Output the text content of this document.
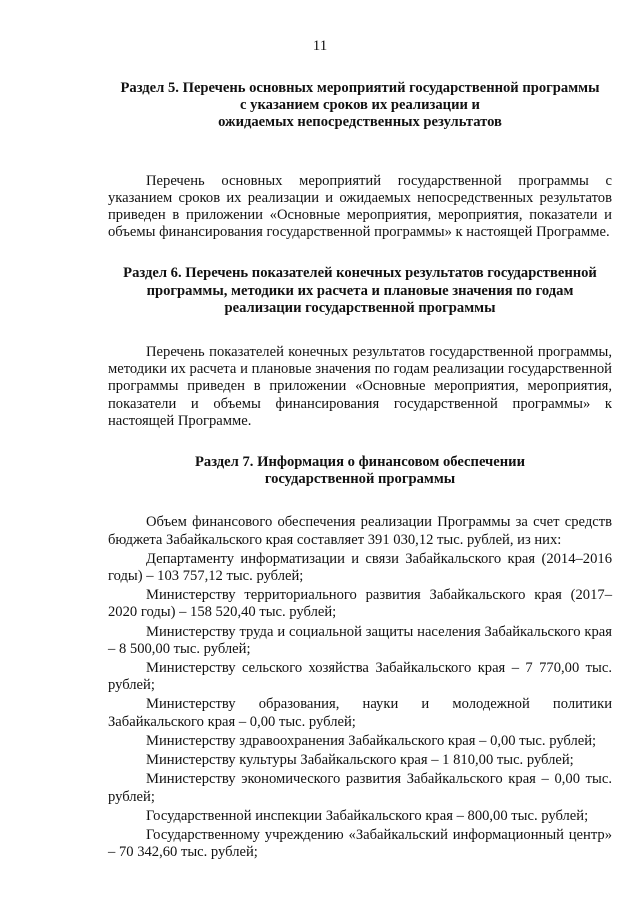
11
Раздел 5. Перечень основных мероприятий государственной программы
с указанием сроков их реализации и
ожидаемых непосредственных результатов

Перечень основных мероприятий государственной программы с указанием сроков их реализации и ожидаемых непосредственных результатов приведен в приложении «Основные мероприятия, мероприятия, показатели и объемы финансирования государственной программы» к настоящей Программе.

Раздел 6. Перечень показателей конечных результатов государственной
программы, методики их расчета и плановые значения по годам
реализации государственной программы

Перечень показателей конечных результатов государственной программы, методики их расчета и плановые значения по годам реализации государственной программы приведен в приложении «Основные мероприятия, мероприятия, показатели и объемы финансирования государственной программы» к настоящей Программе.

Раздел 7. Информация о финансовом обеспечении
государственной программы

Объем финансового обеспечения реализации Программы за счет средств бюджета Забайкальского края составляет 391 030,12 тыс. рублей, из них:

Департаменту информатизации и связи Забайкальского края (2014–2016 годы) – 103 757,12 тыс. рублей;

Министерству территориального развития Забайкальского края (2017–2020 годы) – 158 520,40 тыс. рублей;

Министерству труда и социальной защиты населения Забайкальского края – 8 500,00 тыс. рублей;

Министерству сельского хозяйства Забайкальского края – 7 770,00 тыс. рублей;

Министерству образования, науки и молодежной политики Забайкальского края – 0,00 тыс. рублей;

Министерству здравоохранения Забайкальского края – 0,00 тыс. рублей;

Министерству культуры Забайкальского края – 1 810,00 тыс. рублей;

Министерству экономического развития Забайкальского края – 0,00 тыс. рублей;

Государственной инспекции Забайкальского края – 800,00 тыс. рублей;

Государственному учреждению «Забайкальский информационный центр» – 70 342,60 тыс. рублей;
